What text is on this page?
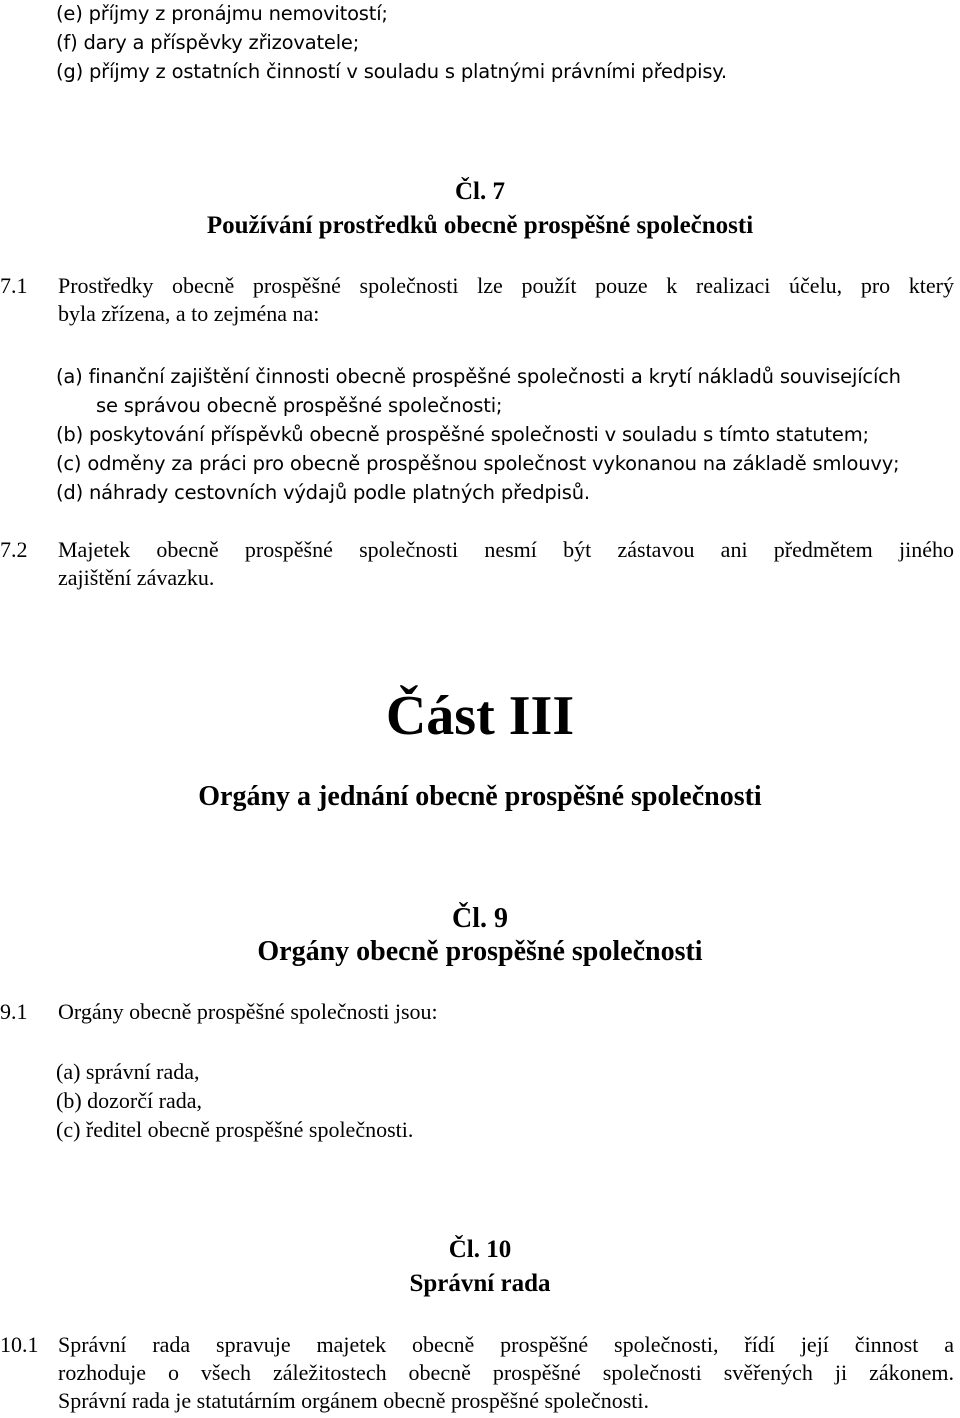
(e) příjmy z pronájmu nemovitostí;
(f) dary a příspěvky zřizovatele;
(g) příjmy z ostatních činností v souladu s platnými právními předpisy.
Čl. 7
Používání prostředků obecně prospěšné společnosti
7.1 Prostředky obecně prospěšné společnosti lze použít pouze k realizaci účelu, pro který
byla zřízena, a to zejména na:
(a) finanční zajištění činnosti obecně prospěšné společnosti a krytí nákladů souvisejících
se správou obecně prospěšné společnosti;
(b) poskytování příspěvků obecně prospěšné společnosti v souladu s tímto statutem;
(c) odměny za práci pro obecně prospěšnou společnost vykonanou na základě smlouvy;
(d) náhrady cestovních výdajů podle platných předpisů.
7.2 Majetek obecně prospěšné společnosti nesmí být zástavou ani předmětem jiného
zajištění závazku.
Část III
Orgány a jednání obecně prospěšné společnosti
Čl. 9
Orgány obecně prospěšné společnosti
9.1 Orgány obecně prospěšné společnosti jsou:
(a) správní rada,
(b) dozorčí rada,
(c) ředitel obecně prospěšné společnosti.
Čl. 10
Správní rada
10.1 Správní rada spravuje majetek obecně prospěšné společnosti, řídí její činnost a
rozhoduje o všech záležitostech obecně prospěšné společnosti svěřených ji zákonem.
Správní rada je statutárním orgánem obecně prospěšné společnosti.
